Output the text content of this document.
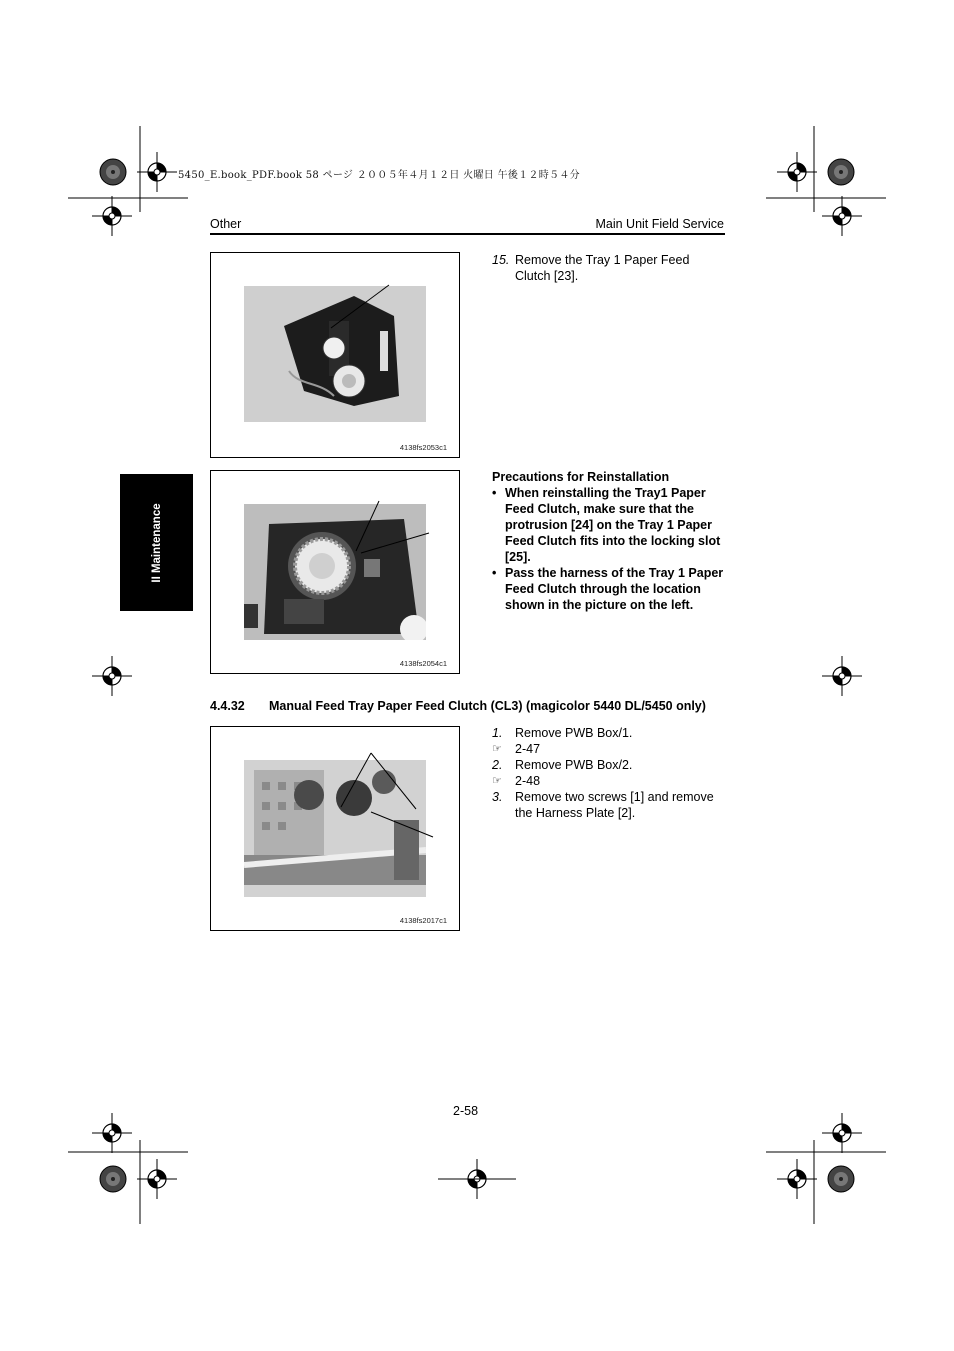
5450_E.book_PDF.book 58 ページ ２００５年４月１２日 火曜日 午後１２時５４分
Other	Main Unit Field Service
II Maintenance
4138fs2053c1
4138fs2054c1
4138fs2017c1
15. Remove the Tray 1 Paper Feed Clutch [23].
Precautions for Reinstallation
• When reinstalling the Tray1 Paper Feed Clutch, make sure that the protrusion [24] on the Tray 1 Paper Feed Clutch fits into the locking slot [25].
• Pass the harness of the Tray 1 Paper Feed Clutch through the location shown in the picture on the left.
4.4.32 Manual Feed Tray Paper Feed Clutch (CL3) (magicolor 5440 DL/5450 only)
1. Remove PWB Box/1.
☞ 2-47
2. Remove PWB Box/2.
☞ 2-48
3. Remove two screws [1] and remove the Harness Plate [2].
2-58
